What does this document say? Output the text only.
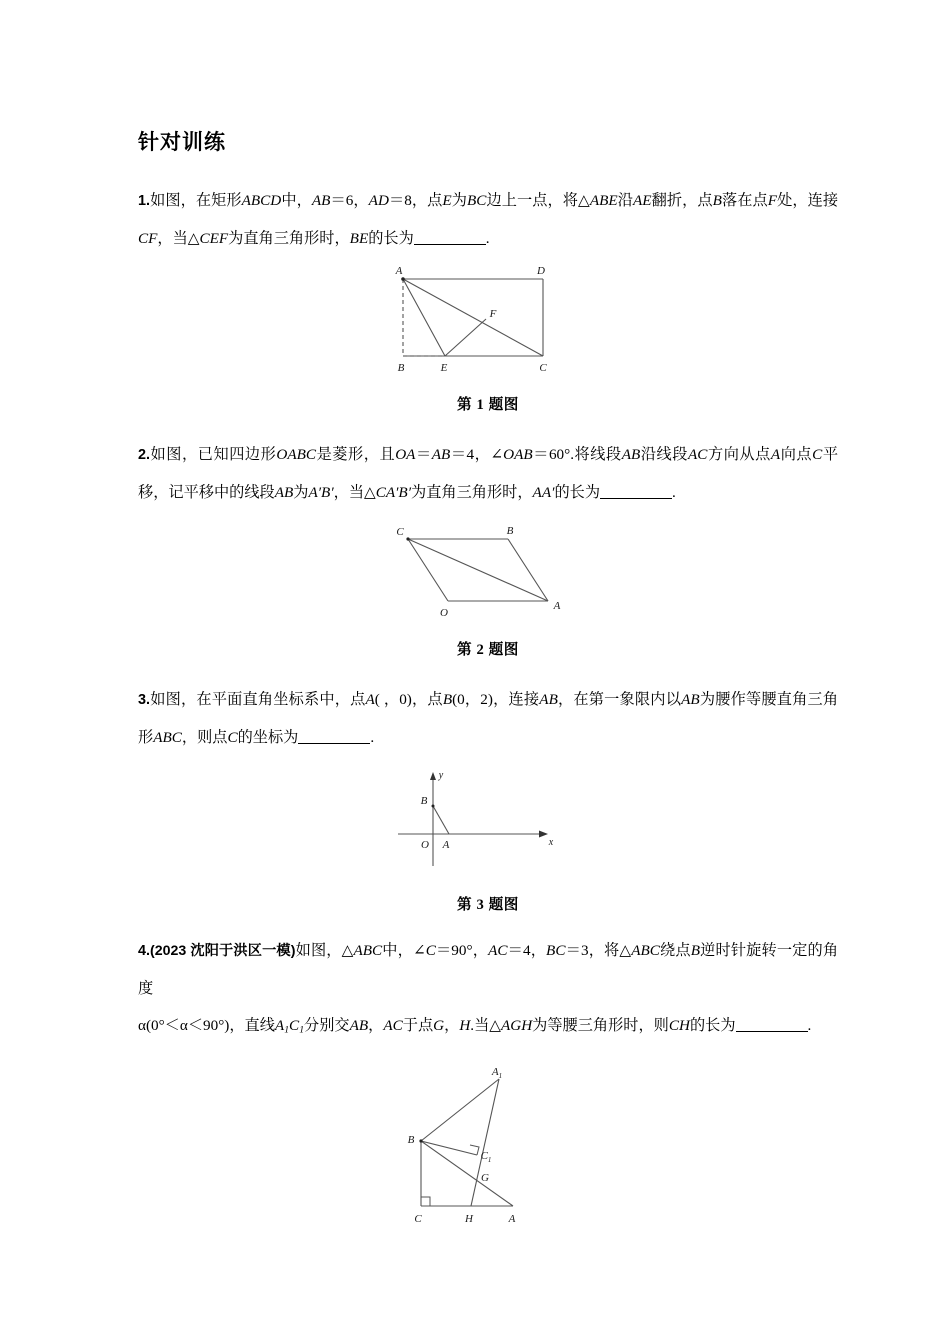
针对训练

1.如图，在矩形ABCD中，AB＝6，AD＝8，点E为BC边上一点，将△ABE沿AE翻折，点B落在点F处，连接CF，当△CEF为直角三角形时，BE的长为	.

A	D
F
B	E	C

第 1 题图

2.如图，已知四边形OABC是菱形，且OA＝AB＝4，∠OAB＝60°.将线段AB沿线段AC方向从点A向点C平移，记平移中的线段AB为A′B′，当△CA′B′为直角三角形时，AA′的长为	.

C	B
O
A

第 2 题图

3.如图，在平面直角坐标系中，点A( ，0)，点B(0，2)，连接AB，在第一象限内以AB为腰作等腰直角三角形ABC，则点C的坐标为	.

B
O A	x
y

第 3 题图

4.(2023 沈阳于洪区一模)如图，△ABC中，∠C＝90°，AC＝4，BC＝3，将△ABC绕点B逆时针旋转一定的角度

α(0°＜α＜90°)，直线$A_1C_1$分别交AB，AC于点G，H.当△AGH为等腰三角形时，则CH的长为	.

$A_1$
B
$C_1$
G
C	H	A
